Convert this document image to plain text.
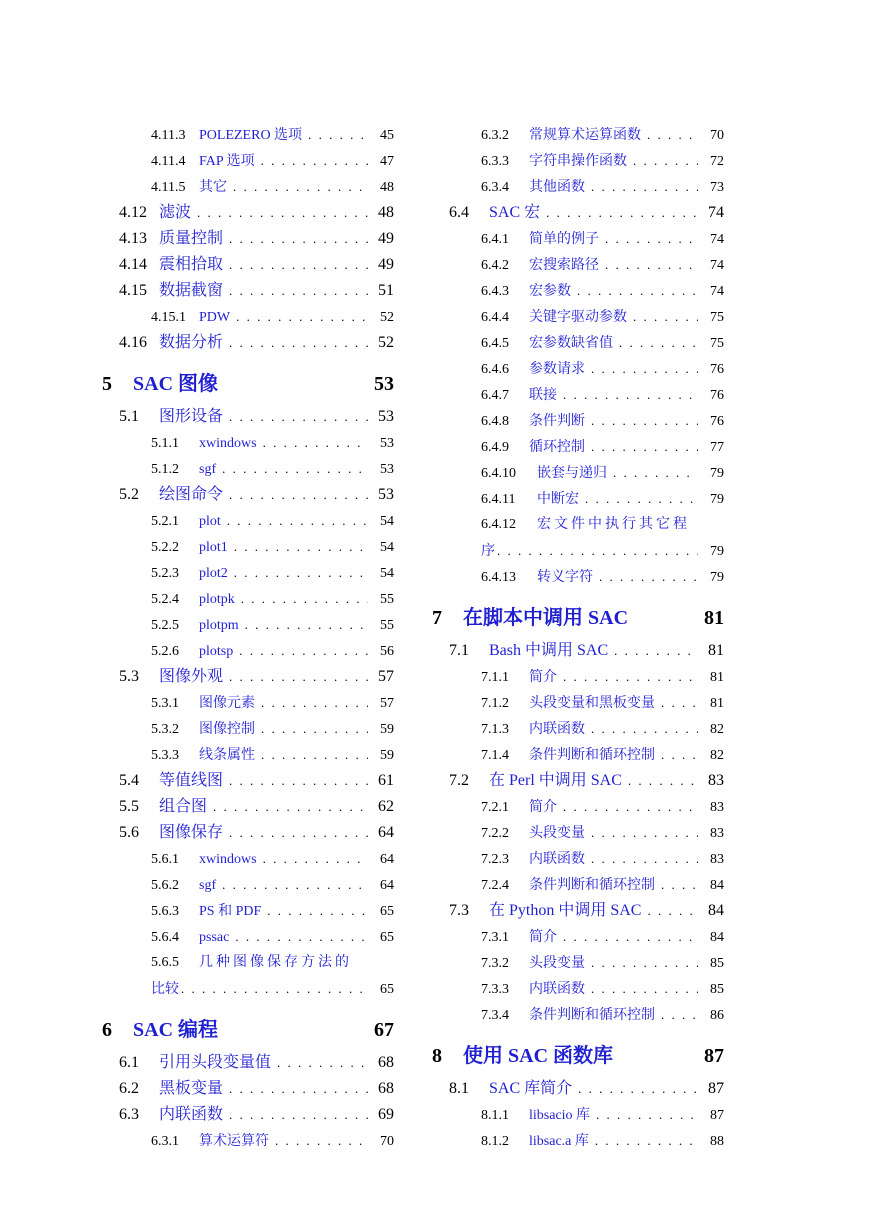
4.11.3 POLEZERO 选项 . . .	45
4.11.4 FAP 选项 . . .	47
4.11.5 其它 . . .	48
4.12 滤波 . . .	48
4.13 质量控制 . . .	49
4.14 震相拾取 . . .	49
4.15 数据截窗 . . .	51
4.15.1 PDW . . .	52
4.16 数据分析 . . .	52
5	SAC 图像	53
5.1	图形设备 . . .	53
5.1.1	xwindows . . .	53
5.1.2	sgf . . .	53
5.2	绘图命令 . . .	53
5.2.1	plot . . .	54
5.2.2	plot1 . . .	54
5.2.3	plot2 . . .	54
5.2.4	plotpk . . .	55
5.2.5	plotpm . . .	55
5.2.6	plotsp . . .	56
5.3	图像外观 . . .	57
5.3.1	图像元素 . . .	57
5.3.2	图像控制 . . .	59
5.3.3	线条属性 . . .	59
5.4	等值线图 . . .	61
5.5	组合图 . . .	62
5.6	图像保存 . . .	64
5.6.1	xwindows . . .	64
5.6.2	sgf . . .	64
5.6.3	PS 和 PDF . . .	65
5.6.4	pssac . . .	65
5.6.5	几种图像保存方法的
比较 . . .	65
6	SAC 编程	67
6.1	引用头段变量值 . . .	68
6.2	黑板变量 . . .	68
6.3	内联函数 . . .	69
6.3.1	算术运算符 . . .	70
6.3.2	常规算术运算函数 . . .	70
6.3.3	字符串操作函数 . . .	72
6.3.4	其他函数 . . .	73
6.4	SAC 宏 . . .	74
6.4.1	简单的例子 . . .	74
6.4.2	宏搜索路径 . . .	74
6.4.3	宏参数 . . .	74
6.4.4	关键字驱动参数 . . .	75
6.4.5	宏参数缺省值 . . .	75
6.4.6	参数请求 . . .	76
6.4.7	联接 . . .	76
6.4.8	条件判断 . . .	76
6.4.9	循环控制 . . .	77
6.4.10	嵌套与递归 . . .	79
6.4.11	中断宏 . . .	79
6.4.12	宏文件中执行其它程
序 . . .	79
6.4.13	转义字符 . . .	79
7	在脚本中调用 SAC	81
7.1	Bash 中调用 SAC . . .	81
7.1.1	简介 . . .	81
7.1.2	头段变量和黑板变量 . . .	81
7.1.3	内联函数 . . .	82
7.1.4	条件判断和循环控制 . . .	82
7.2	在 Perl 中调用 SAC . . .	83
7.2.1	简介 . . .	83
7.2.2	头段变量 . . .	83
7.2.3	内联函数 . . .	83
7.2.4	条件判断和循环控制 . . .	84
7.3	在 Python 中调用 SAC . . .	84
7.3.1	简介 . . .	84
7.3.2	头段变量 . . .	85
7.3.3	内联函数 . . .	85
7.3.4	条件判断和循环控制 . . .	86
8	使用 SAC 函数库	87
8.1	SAC 库简介 . . .	87
8.1.1	libsacio 库 . . .	87
8.1.2	libsac.a 库 . . .	88
